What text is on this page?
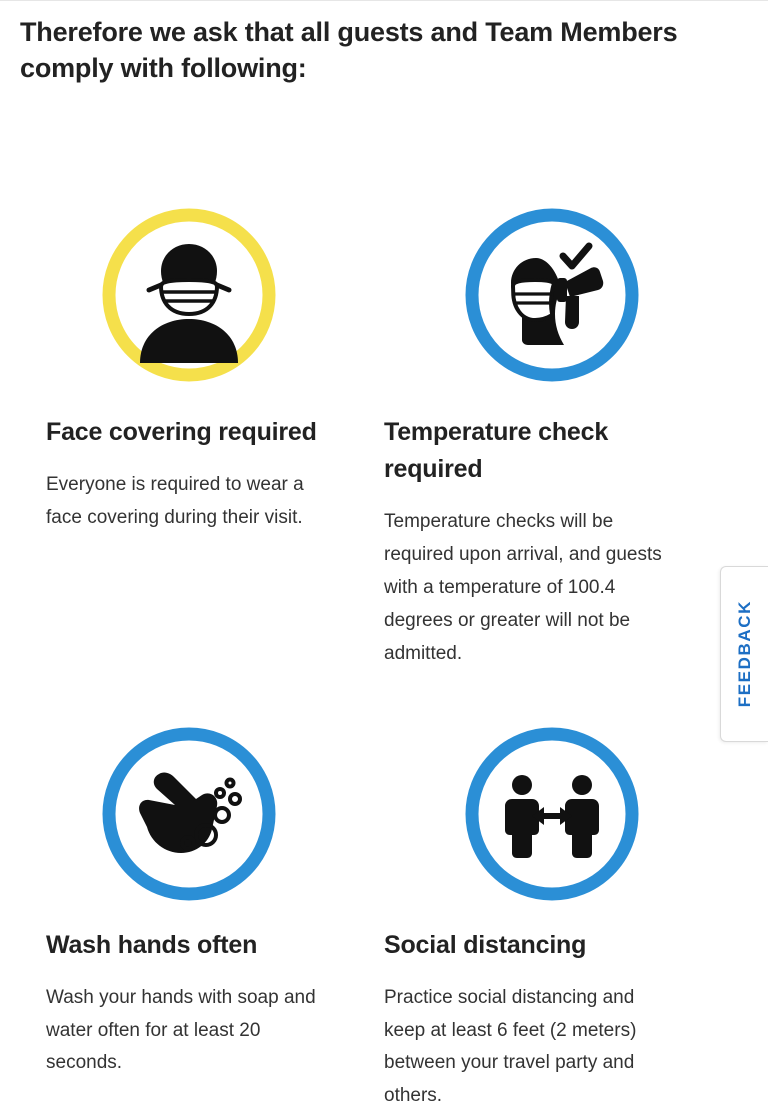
Therefore we ask that all guests and Team Members comply with following:
Face covering required

Everyone is required to wear a face covering during their visit.

Temperature check required

Temperature checks will be required upon arrival, and guests with a temperature of 100.4 degrees or greater will not be admitted.

Wash hands often

Wash your hands with soap and water often for at least 20 seconds.

Social distancing

Practice social distancing and keep at least 6 feet (2 meters) between your travel party and others.

FEEDBACK
